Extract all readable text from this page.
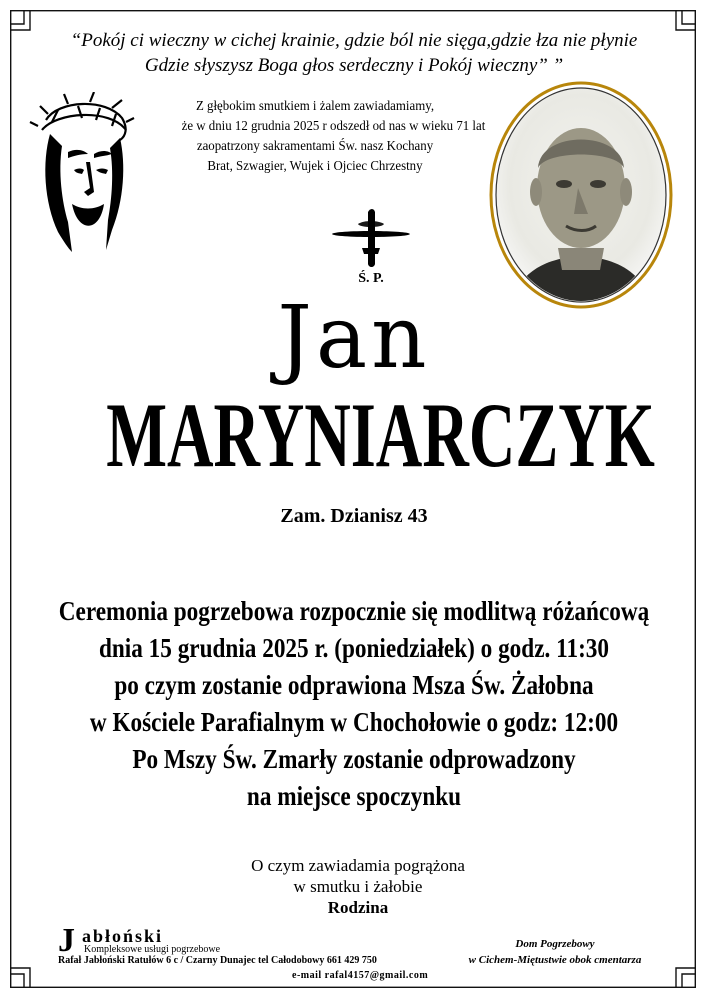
“Pokój ci wieczny w cichej krainie, gdzie ból nie sięga,gdzie łza nie płynie
Gdzie słyszysz Boga głos serdeczny i Pokój wieczny” ”
Z głębokim smutkiem i żalem zawiadamiamy,
że w dniu 12 grudnia 2025 r odszedł od nas w wieku 71 lat
zaopatrzony sakramentami Św. nasz Kochany
Brat, Szwagier, Wujek i Ojciec Chrzestny
Ś. P.
Jan
MARYNIARCZYK
Zam. Dzianisz 43
Ceremonia pogrzebowa rozpocznie się modlitwą różańcową
dnia 15 grudnia 2025 r. (poniedziałek) o godz. 11:30
po czym zostanie odprawiona Msza Św. Żałobna
w Kościele Parafialnym w Chochołowie o godz: 12:00
Po Mszy Św. Zmarły zostanie odprowadzony
na miejsce spoczynku
O czym zawiadamia pogrążona
w smutku i żałobie
Rodzina
J abłoński
Kompleksowe usługi pogrzebowe
Rafał Jabłoński Ratułów 6 c / Czarny Dunajec tel Całodobowy 661 429 750
e-mail rafal4157@gmail.com
Dom Pogrzebowy
w Cichem-Miętustwie obok cmentarza
